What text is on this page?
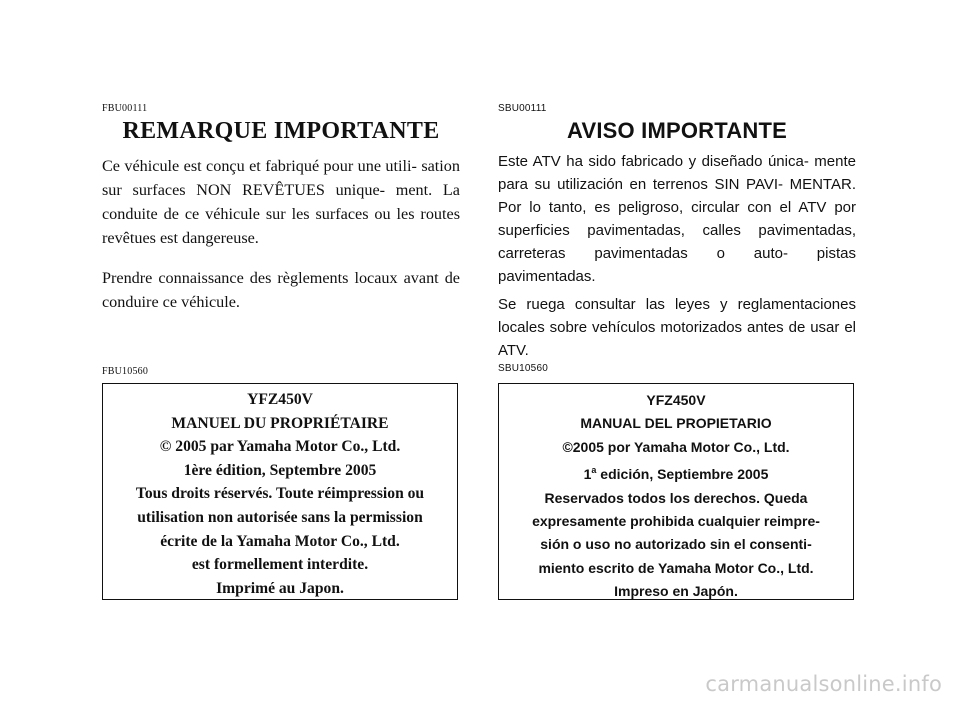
FBU00111
REMARQUE IMPORTANTE

Ce véhicule est conçu et fabriqué pour une utili- sation sur surfaces NON REVÊTUES unique- ment. La conduite de ce véhicule sur les surfaces ou les routes revêtues est dangereuse.

Prendre connaissance des règlements locaux avant de conduire ce véhicule.

FBU10560
YFZ450V
MANUEL DU PROPRIÉTAIRE
© 2005 par Yamaha Motor Co., Ltd.
1ère édition, Septembre 2005
Tous droits réservés. Toute réimpression ou
utilisation non autorisée sans la permission
écrite de la Yamaha Motor Co., Ltd.
est formellement interdite.
Imprimé au Japon.
SBU00111
AVISO IMPORTANTE

Este ATV ha sido fabricado y diseñado única- mente para su utilización en terrenos SIN PAVI- MENTAR. Por lo tanto, es peligroso, circular con el ATV por superficies pavimentadas, calles pavimentadas, carreteras pavimentadas o auto- pistas pavimentadas.

Se ruega consultar las leyes y reglamentaciones locales sobre vehículos motorizados antes de usar el ATV.

SBU10560
YFZ450V
MANUAL DEL PROPIETARIO
©2005 por Yamaha Motor Co., Ltd.
1$^a$ edición, Septiembre 2005
Reservados todos los derechos. Queda
expresamente prohibida cualquier reimpre-
sión o uso no autorizado sin el consenti-
miento escrito de Yamaha Motor Co., Ltd.
Impreso en Japón.
carmanualsonline.info
